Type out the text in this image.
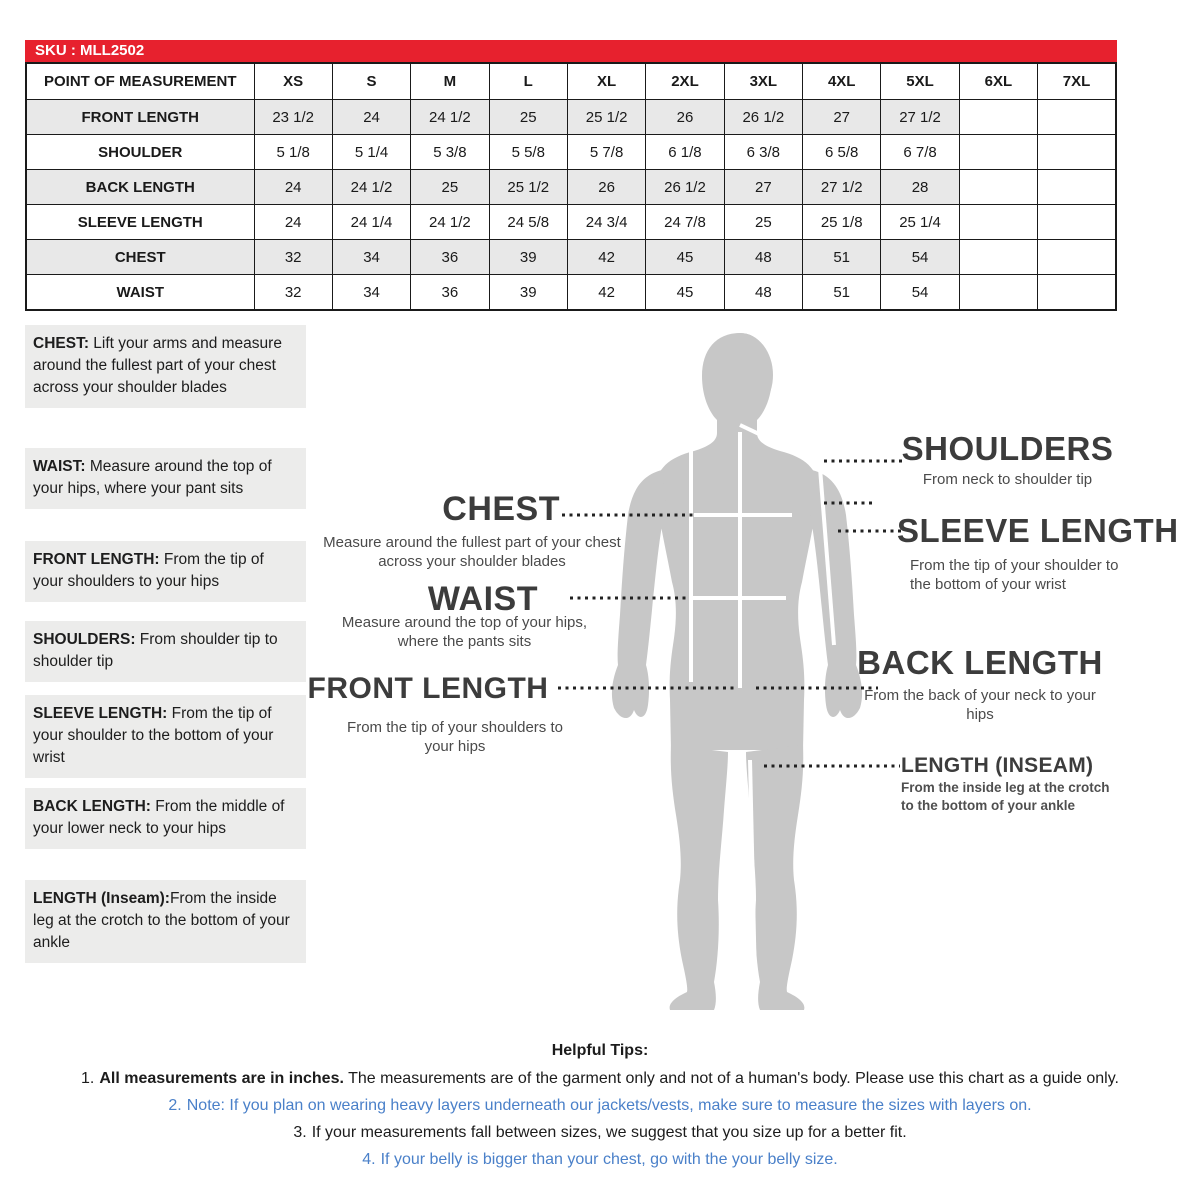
SKU : MLL2502
POINT OF MEASUREMENT	XS	S	M	L	XL	2XL	3XL	4XL	5XL	6XL	7XL
FRONT LENGTH	23 1/2	24	24 1/2	25	25 1/2	26	26 1/2	27	27 1/2		
SHOULDER	5 1/8	5 1/4	5 3/8	5 5/8	5 7/8	6 1/8	6 3/8	6 5/8	6 7/8		
BACK LENGTH	24	24 1/2	25	25 1/2	26	26 1/2	27	27 1/2	28		
SLEEVE LENGTH	24	24 1/4	24 1/2	24 5/8	24 3/4	24 7/8	25	25 1/8	25 1/4		
CHEST	32	34	36	39	42	45	48	51	54		
WAIST	32	34	36	39	42	45	48	51	54		
CHEST: Lift your arms and measure around the fullest part of your chest across your shoulder blades
WAIST: Measure around the top of your hips, where your pant sits
FRONT LENGTH: From the tip of your shoulders to your hips
SHOULDERS: From shoulder tip to shoulder tip
SLEEVE LENGTH: From the tip of your shoulder to the bottom of your wrist
BACK LENGTH: From the middle of your lower neck to your hips
LENGTH (Inseam):From the inside leg at the crotch to the bottom of your ankle
CHEST
Measure around the fullest part of your chest across your shoulder blades
WAIST
Measure around the top of your hips, where the pants sits
FRONT LENGTH
From the tip of your shoulders to your hips
SHOULDERS
From neck to shoulder tip
SLEEVE LENGTH
From the tip of your shoulder to the bottom of your wrist
BACK LENGTH
From the back of your neck to your hips
LENGTH (INSEAM)
From the inside leg at the crotch to the bottom of your ankle
Helpful Tips:
1. All measurements are in inches. The measurements are of the garment only and not of a human's body. Please use this chart as a guide only.
2. Note: If you plan on wearing heavy layers underneath our jackets/vests, make sure to measure the sizes with layers on.
3. If your measurements fall between sizes, we suggest that you size up for a better fit.
4. If your belly is bigger than your chest, go with the your belly size.
